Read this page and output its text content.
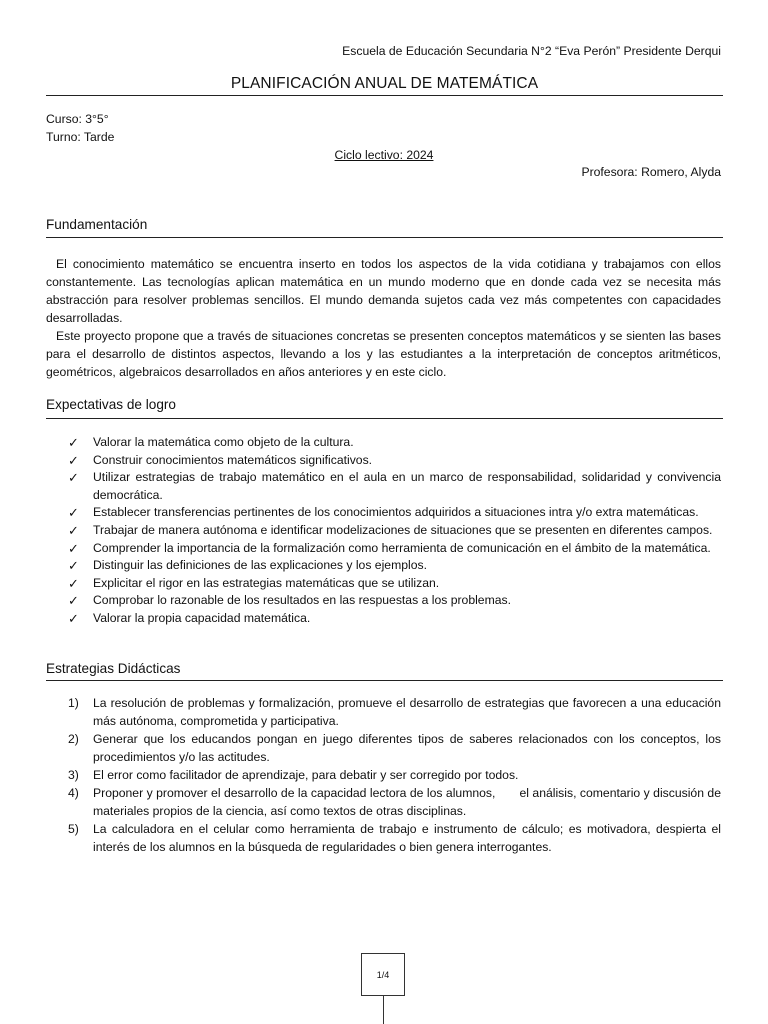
Escuela de Educación Secundaria N°2 “Eva Perón” Presidente Derqui
PLANIFICACIÓN ANUAL DE MATEMÁTICA
Curso: 3°5°
Turno: Tarde
Ciclo lectivo: 2024
Profesora: Romero, Alyda
Fundamentación

El conocimiento matemático se encuentra inserto en todos los aspectos de la vida cotidiana y trabajamos con ellos constantemente. Las tecnologías aplican matemática en un mundo moderno que en donde cada vez se necesita más abstracción para resolver problemas sencillos. El mundo demanda sujetos cada vez más competentes con capacidades desarrolladas.

Este proyecto propone que a través de situaciones concretas se presenten conceptos matemáticos y se sienten las bases para el desarrollo de distintos aspectos, llevando a los y las estudiantes a la interpretación de conceptos aritméticos, geométricos, algebraicos desarrollados en años anteriores y en este ciclo.

Expectativas de logro
✓ Valorar la matemática como objeto de la cultura.
✓ Construir conocimientos matemáticos significativos.
✓ Utilizar estrategias de trabajo matemático en el aula en un marco de responsabilidad, solidaridad y convivencia democrática.
✓ Establecer transferencias pertinentes de los conocimientos adquiridos a situaciones intra y/o extra matemáticas.
✓ Trabajar de manera autónoma e identificar modelizaciones de situaciones que se presenten en diferentes campos.
✓ Comprender la importancia de la formalización como herramienta de comunicación en el ámbito de la matemática.
✓ Distinguir las definiciones de las explicaciones y los ejemplos.
✓ Explicitar el rigor en las estrategias matemáticas que se utilizan.
✓ Comprobar lo razonable de los resultados en las respuestas a los problemas.
✓ Valorar la propia capacidad matemática.
Estrategias Didácticas
1) La resolución de problemas y formalización, promueve el desarrollo de estrategias que favorecen a una educación más autónoma, comprometida y participativa.
2) Generar que los educandos pongan en juego diferentes tipos de saberes relacionados con los conceptos, los procedimientos y/o las actitudes.
3) El error como facilitador de aprendizaje, para debatir y ser corregido por todos.
4) Proponer y promover el desarrollo de la capacidad lectora de los alumnos,       el análisis, comentario y discusión de materiales propios de la ciencia, así como textos de otras disciplinas.
5) La calculadora en el celular como herramienta de trabajo e instrumento de cálculo; es motivadora, despierta el interés de los alumnos en la búsqueda de regularidades o bien genera interrogantes.
1/4
